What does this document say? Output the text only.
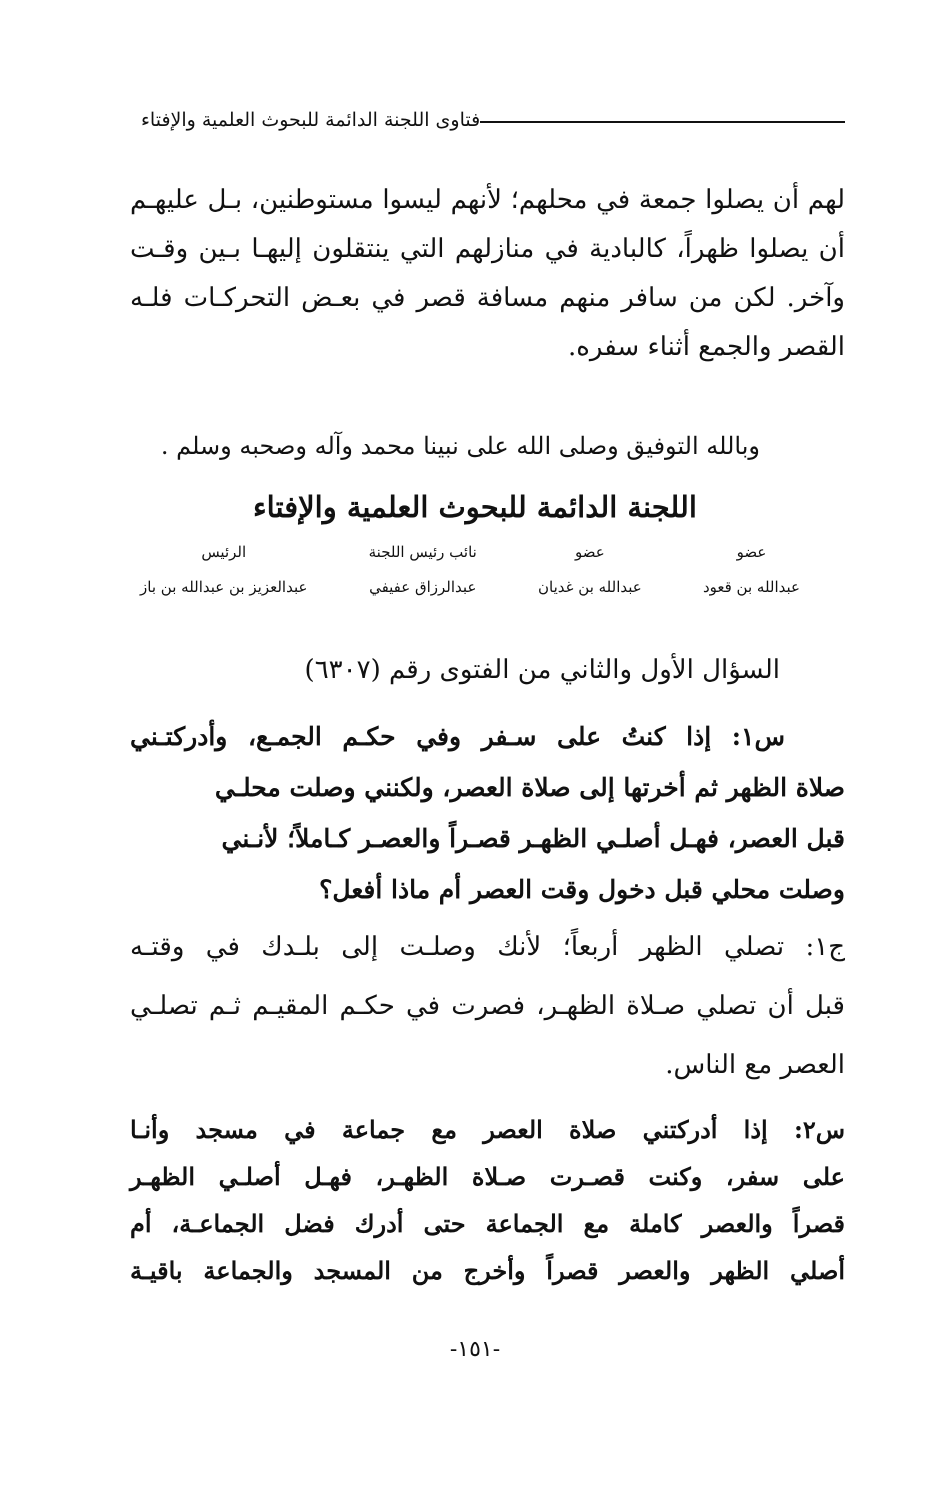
فتاوى اللجنة الدائمة للبحوث العلمية والإفتاء
لهم أن يصلوا جمعة في محلهم؛ لأنهم ليسوا مستوطنين، بـل عليهـم
أن يصلوا ظهراً، كالبادية في منازلهم التي ينتقلون إليهـا بـين وقـت
وآخر. لكن من سافر منهم مسافة قصر في بعـض التحركـات فلـه
القصر والجمع أثناء سفره.
وبالله التوفيق وصلى الله على نبينا محمد وآله وصحبه وسلم .
اللجنة الدائمة للبحوث العلمية والإفتاء
عضو
عبدالله بن قعود
عضو
عبدالله بن غديان
نائب رئيس اللجنة
عبدالرزاق عفيفي
الرئيس
عبدالعزيز بن عبدالله بن باز
السؤال الأول والثاني من الفتوى رقم (٦٣٠٧)
س١: إذا كنتُ على سـفر وفي حكـم الجمـع، وأدركتـني
صلاة الظهر ثم أخرتها إلى صلاة العصر، ولكنني وصلت محلـي
قبل العصر، فهـل أصلـي الظهـر قصـراً والعصـر كـاملاً؛ لأنـني
وصلت محلي قبل دخول وقت العصر أم ماذا أفعل؟
ج١: تصلي الظهر أربعاً؛ لأنك وصلـت إلى بلـدك في وقتـه
قبل أن تصلي صـلاة الظهـر، فصرت في حكـم المقيـم ثـم تصلـي
العصر مع الناس.
س٢: إذا أدركتني صلاة العصر مع جماعة في مسجد وأنـا
على سفر، وكنت قصـرت صـلاة الظهـر، فهـل أصلـي الظهـر
قصراً والعصر كاملة مع الجماعة حتى أدرك فضل الجماعـة، أم
أصلي الظهر والعصر قصراً وأخرج من المسجد والجماعة باقيـة
-١٥١-
